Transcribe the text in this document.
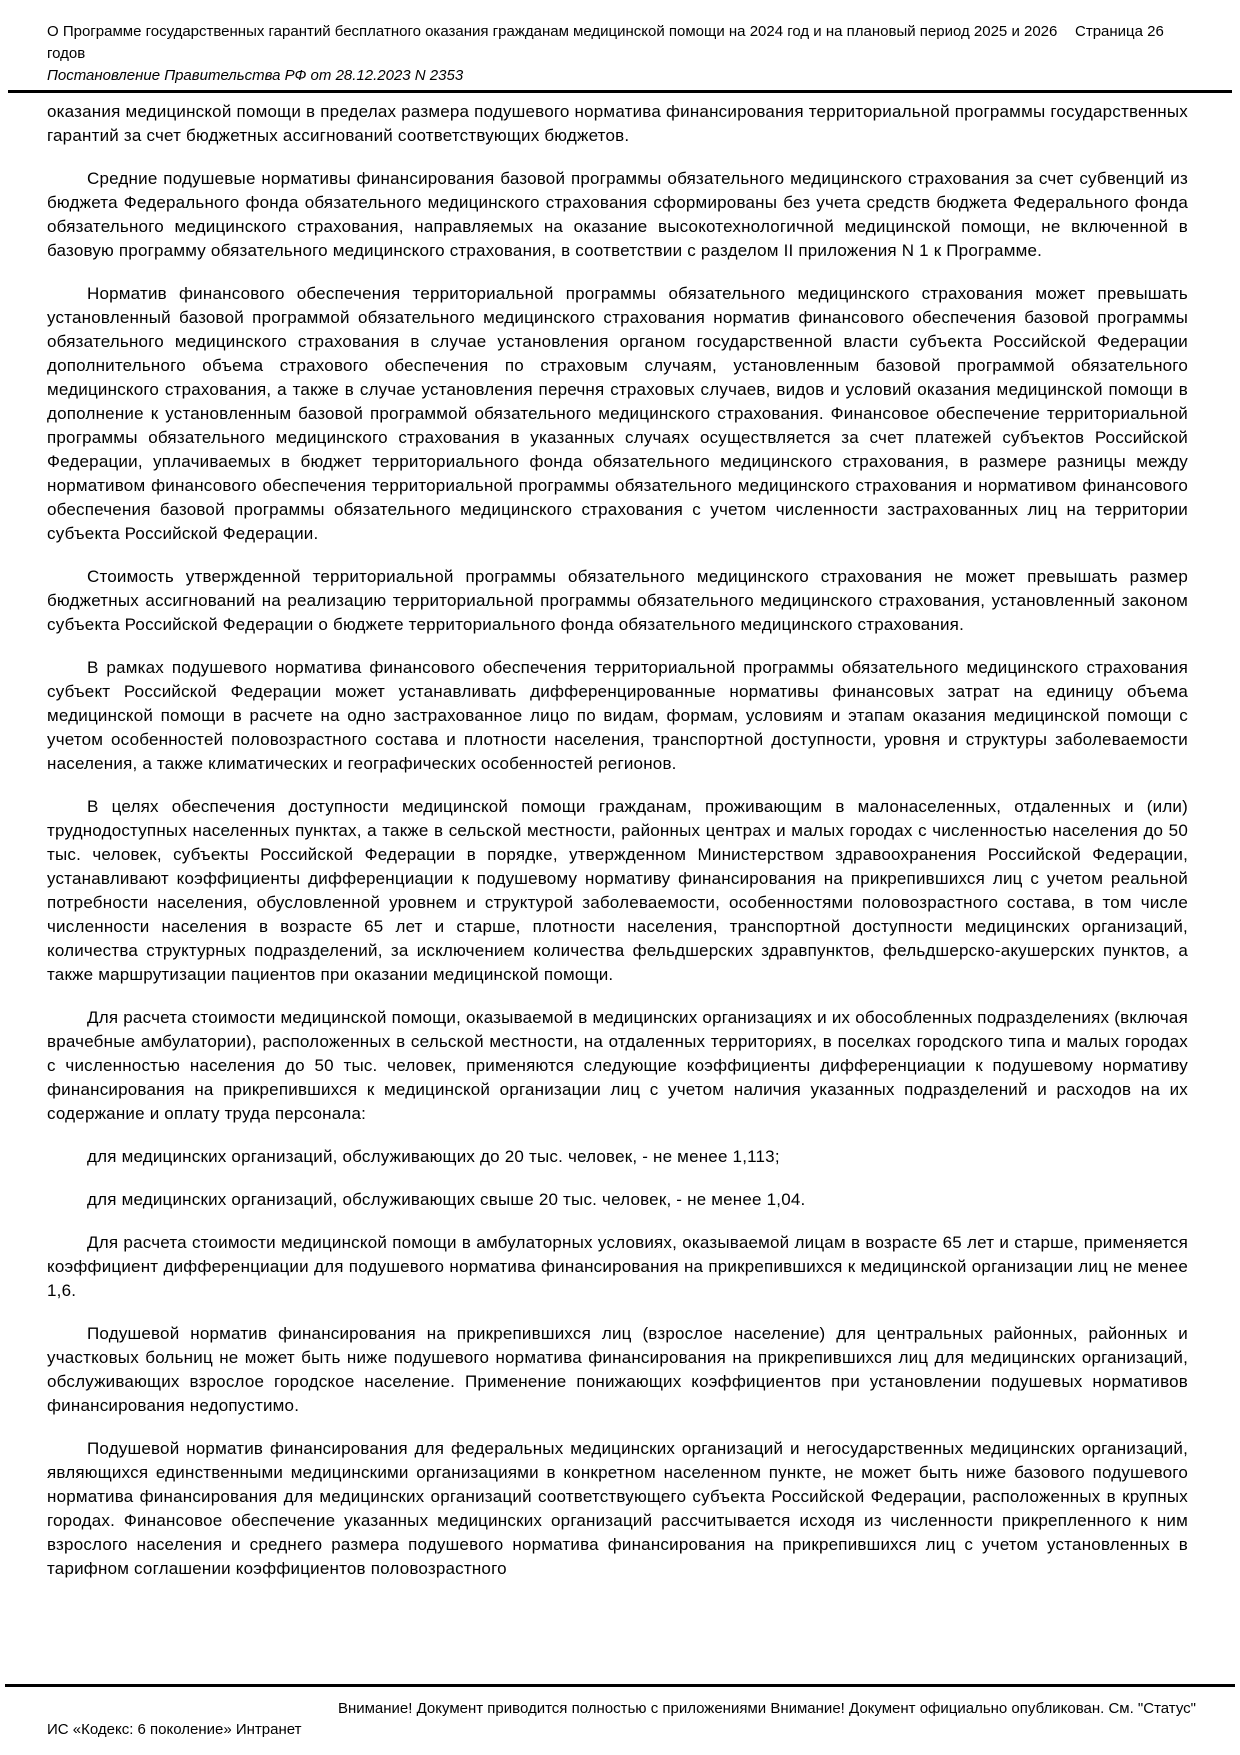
О Программе государственных гарантий бесплатного оказания гражданам медицинской помощи на 2024 год и на плановый период 2025 и 2026 годов
Страница 26
Постановление Правительства РФ от 28.12.2023 N 2353

оказания медицинской помощи в пределах размера подушевого норматива финансирования территориальной программы государственных гарантий за счет бюджетных ассигнований соответствующих бюджетов.

Средние подушевые нормативы финансирования базовой программы обязательного медицинского страхования за счет субвенций из бюджета Федерального фонда обязательного медицинского страхования сформированы без учета средств бюджета Федерального фонда обязательного медицинского страхования, направляемых на оказание высокотехнологичной медицинской помощи, не включенной в базовую программу обязательного медицинского страхования, в соответствии с разделом II приложения N 1 к Программе.

Норматив финансового обеспечения территориальной программы обязательного медицинского страхования может превышать установленный базовой программой обязательного медицинского страхования норматив финансового обеспечения базовой программы обязательного медицинского страхования в случае установления органом государственной власти субъекта Российской Федерации дополнительного объема страхового обеспечения по страховым случаям, установленным базовой программой обязательного медицинского страхования, а также в случае установления перечня страховых случаев, видов и условий оказания медицинской помощи в дополнение к установленным базовой программой обязательного медицинского страхования. Финансовое обеспечение территориальной программы обязательного медицинского страхования в указанных случаях осуществляется за счет платежей субъектов Российской Федерации, уплачиваемых в бюджет территориального фонда обязательного медицинского страхования, в размере разницы между нормативом финансового обеспечения территориальной программы обязательного медицинского страхования и нормативом финансового обеспечения базовой программы обязательного медицинского страхования с учетом численности застрахованных лиц на территории субъекта Российской Федерации.

Стоимость утвержденной территориальной программы обязательного медицинского страхования не может превышать размер бюджетных ассигнований на реализацию территориальной программы обязательного медицинского страхования, установленный законом субъекта Российской Федерации о бюджете территориального фонда обязательного медицинского страхования.

В рамках подушевого норматива финансового обеспечения территориальной программы обязательного медицинского страхования субъект Российской Федерации может устанавливать дифференцированные нормативы финансовых затрат на единицу объема медицинской помощи в расчете на одно застрахованное лицо по видам, формам, условиям и этапам оказания медицинской помощи с учетом особенностей половозрастного состава и плотности населения, транспортной доступности, уровня и структуры заболеваемости населения, а также климатических и географических особенностей регионов.

В целях обеспечения доступности медицинской помощи гражданам, проживающим в малонаселенных, отдаленных и (или) труднодоступных населенных пунктах, а также в сельской местности, районных центрах и малых городах с численностью населения до 50 тыс. человек, субъекты Российской Федерации в порядке, утвержденном Министерством здравоохранения Российской Федерации, устанавливают коэффициенты дифференциации к подушевому нормативу финансирования на прикрепившихся лиц с учетом реальной потребности населения, обусловленной уровнем и структурой заболеваемости, особенностями половозрастного состава, в том числе численности населения в возрасте 65 лет и старше, плотности населения, транспортной доступности медицинских организаций, количества структурных подразделений, за исключением количества фельдшерских здравпунктов, фельдшерско-акушерских пунктов, а также маршрутизации пациентов при оказании медицинской помощи.

Для расчета стоимости медицинской помощи, оказываемой в медицинских организациях и их обособленных подразделениях (включая врачебные амбулатории), расположенных в сельской местности, на отдаленных территориях, в поселках городского типа и малых городах с численностью населения до 50 тыс. человек, применяются следующие коэффициенты дифференциации к подушевому нормативу финансирования на прикрепившихся к медицинской организации лиц с учетом наличия указанных подразделений и расходов на их содержание и оплату труда персонала:

для медицинских организаций, обслуживающих до 20 тыс. человек, - не менее 1,113;

для медицинских организаций, обслуживающих свыше 20 тыс. человек, - не менее 1,04.

Для расчета стоимости медицинской помощи в амбулаторных условиях, оказываемой лицам в возрасте 65 лет и старше, применяется коэффициент дифференциации для подушевого норматива финансирования на прикрепившихся к медицинской организации лиц не менее 1,6.

Подушевой норматив финансирования на прикрепившихся лиц (взрослое население) для центральных районных, районных и участковых больниц не может быть ниже подушевого норматива финансирования на прикрепившихся лиц для медицинских организаций, обслуживающих взрослое городское население. Применение понижающих коэффициентов при установлении подушевых нормативов финансирования недопустимо.

Подушевой норматив финансирования для федеральных медицинских организаций и негосударственных медицинских организаций, являющихся единственными медицинскими организациями в конкретном населенном пункте, не может быть ниже базового подушевого норматива финансирования для медицинских организаций соответствующего субъекта Российской Федерации, расположенных в крупных городах. Финансовое обеспечение указанных медицинских организаций рассчитывается исходя из численности прикрепленного к ним взрослого населения и среднего размера подушевого норматива финансирования на прикрепившихся лиц с учетом установленных в тарифном соглашении коэффициентов половозрастного

Внимание! Документ приводится полностью с приложениями Внимание! Документ официально опубликован. См. "Статус"
ИС «Кодекс: 6 поколение» Интранет
